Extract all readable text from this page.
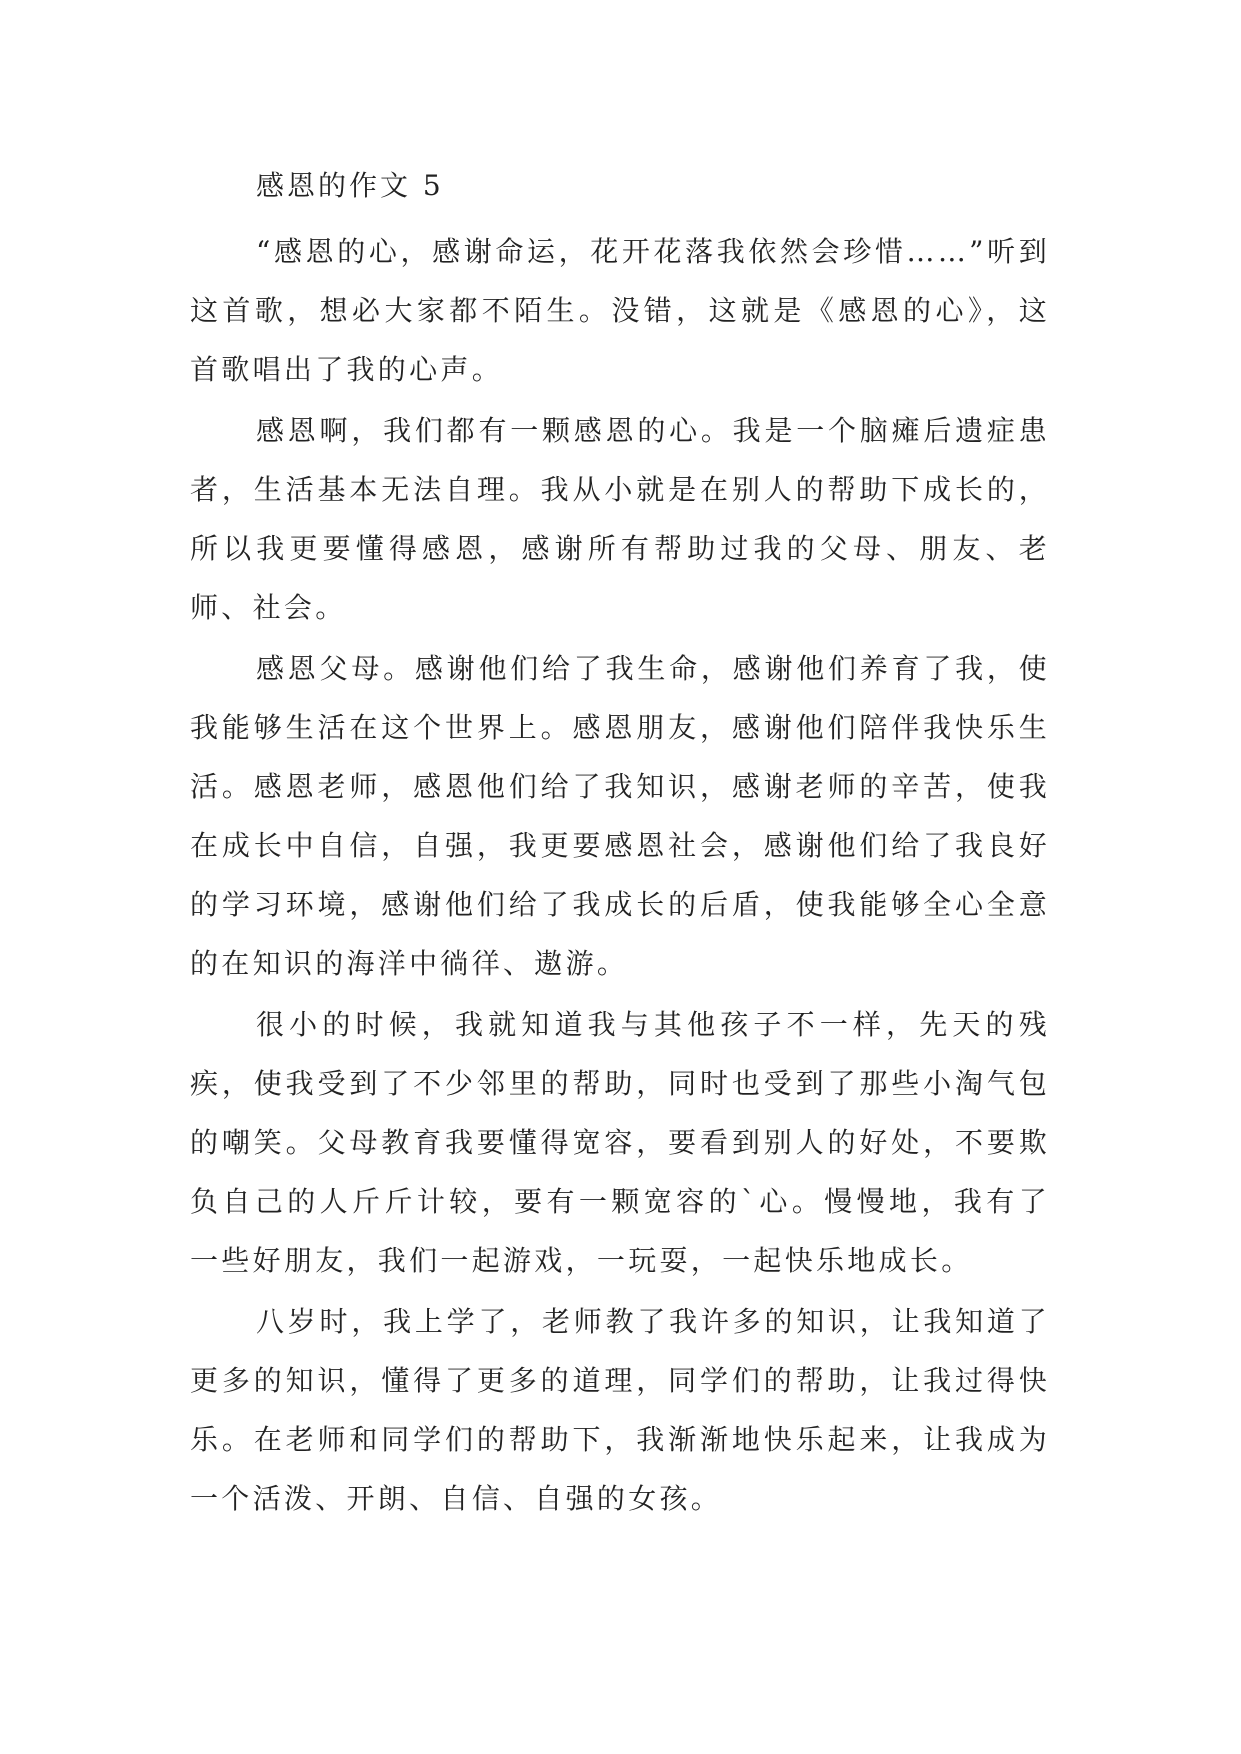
感恩的作文 5

“感恩的心，感谢命运，花开花落我依然会珍惜……”听到这首歌，想必大家都不陌生。没错，这就是《感恩的心》，这首歌唱出了我的心声。

感恩啊，我们都有一颗感恩的心。我是一个脑瘫后遗症患者，生活基本无法自理。我从小就是在别人的帮助下成长的，所以我更要懂得感恩，感谢所有帮助过我的父母、朋友、老师、社会。

感恩父母。感谢他们给了我生命，感谢他们养育了我，使我能够生活在这个世界上。感恩朋友，感谢他们陪伴我快乐生活。感恩老师，感恩他们给了我知识，感谢老师的辛苦，使我在成长中自信，自强，我更要感恩社会，感谢他们给了我良好的学习环境，感谢他们给了我成长的后盾，使我能够全心全意的在知识的海洋中徜徉、遨游。

很小的时候，我就知道我与其他孩子不一样，先天的残疾，使我受到了不少邻里的帮助，同时也受到了那些小淘气包的嘲笑。父母教育我要懂得宽容，要看到别人的好处，不要欺负自己的人斤斤计较，要有一颗宽容的`心。慢慢地，我有了一些好朋友，我们一起游戏，一玩耍，一起快乐地成长。

八岁时，我上学了，老师教了我许多的知识，让我知道了更多的知识，懂得了更多的道理，同学们的帮助，让我过得快乐。在老师和同学们的帮助下，我渐渐地快乐起来，让我成为一个活泼、开朗、自信、自强的女孩。
